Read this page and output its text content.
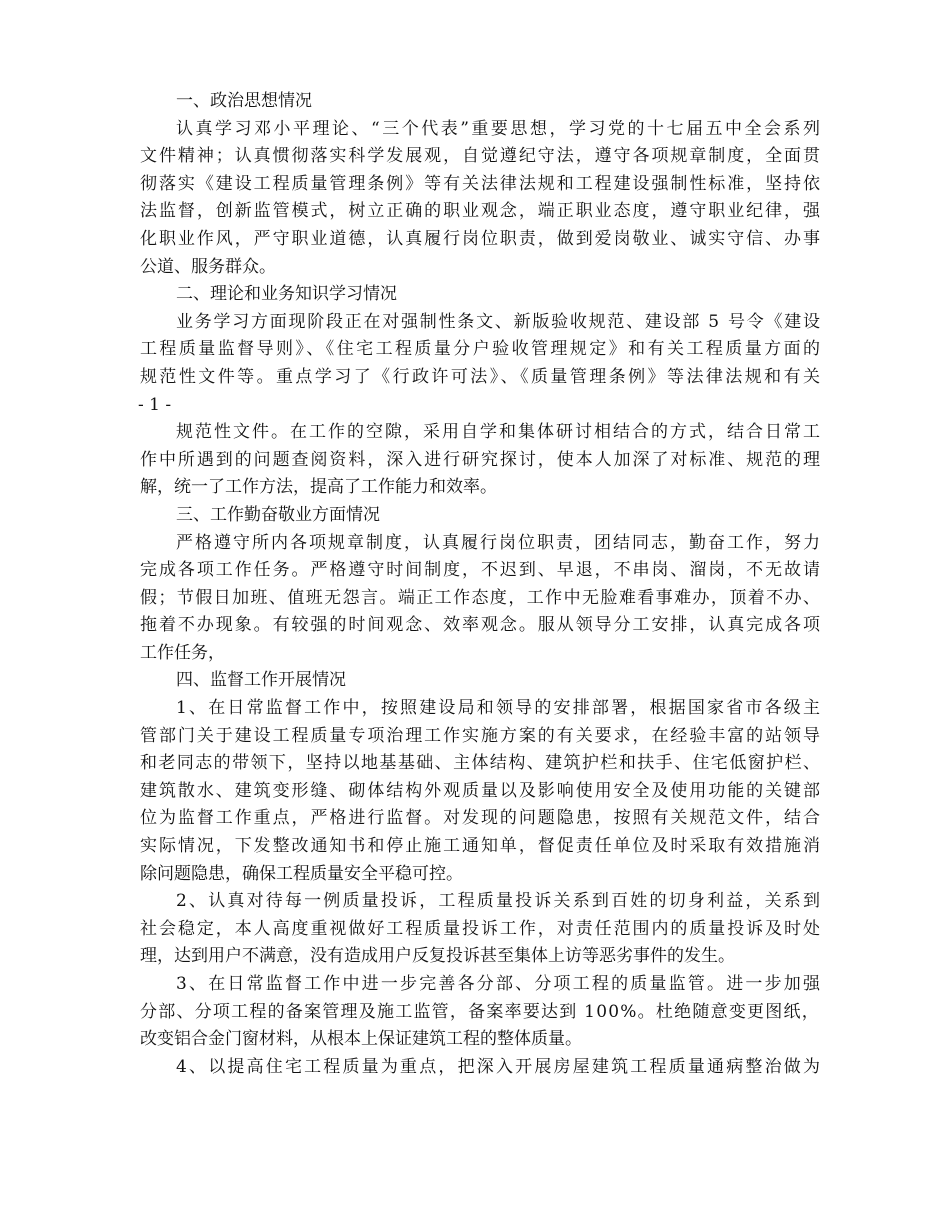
一、政治思想情况
认真学习邓小平理论、“三个代表”重要思想，学习党的十七届五中全会系列
文件精神；认真惯彻落实科学发展观，自觉遵纪守法，遵守各项规章制度，全面贯
彻落实《建设工程质量管理条例》等有关法律法规和工程建设强制性标准，坚持依
法监督，创新监管模式，树立正确的职业观念，端正职业态度，遵守职业纪律，强
化职业作风，严守职业道德，认真履行岗位职责，做到爱岗敬业、诚实守信、办事
公道、服务群众。
二、理论和业务知识学习情况
业务学习方面现阶段正在对强制性条文、新版验收规范、建设部 5 号令《建设
工程质量监督导则》、《住宅工程质量分户验收管理规定》和有关工程质量方面的
规范性文件等。重点学习了《行政许可法》、《质量管理条例》等法律法规和有关
- 1 -
规范性文件。在工作的空隙，采用自学和集体研讨相结合的方式，结合日常工
作中所遇到的问题查阅资料，深入进行研究探讨，使本人加深了对标准、规范的理
解，统一了工作方法，提高了工作能力和效率。
三、工作勤奋敬业方面情况
严格遵守所内各项规章制度，认真履行岗位职责，团结同志，勤奋工作，努力
完成各项工作任务。严格遵守时间制度，不迟到、早退，不串岗、溜岗，不无故请
假；节假日加班、值班无怨言。端正工作态度，工作中无脸难看事难办，顶着不办、
拖着不办现象。有较强的时间观念、效率观念。服从领导分工安排，认真完成各项
工作任务，
四、监督工作开展情况
1、在日常监督工作中，按照建设局和领导的安排部署，根据国家省市各级主
管部门关于建设工程质量专项治理工作实施方案的有关要求，在经验丰富的站领导
和老同志的带领下，坚持以地基基础、主体结构、建筑护栏和扶手、住宅低窗护栏、
建筑散水、建筑变形缝、砌体结构外观质量以及影响使用安全及使用功能的关键部
位为监督工作重点，严格进行监督。对发现的问题隐患，按照有关规范文件，结合
实际情况，下发整改通知书和停止施工通知单，督促责任单位及时采取有效措施消
除问题隐患，确保工程质量安全平稳可控。
2、认真对待每一例质量投诉，工程质量投诉关系到百姓的切身利益，关系到
社会稳定，本人高度重视做好工程质量投诉工作，对责任范围内的质量投诉及时处
理，达到用户不满意，没有造成用户反复投诉甚至集体上访等恶劣事件的发生。
3、在日常监督工作中进一步完善各分部、分项工程的质量监管。进一步加强
分部、分项工程的备案管理及施工监管，备案率要达到 100%。杜绝随意变更图纸，
改变铝合金门窗材料，从根本上保证建筑工程的整体质量。
4、以提高住宅工程质量为重点，把深入开展房屋建筑工程质量通病整治做为
